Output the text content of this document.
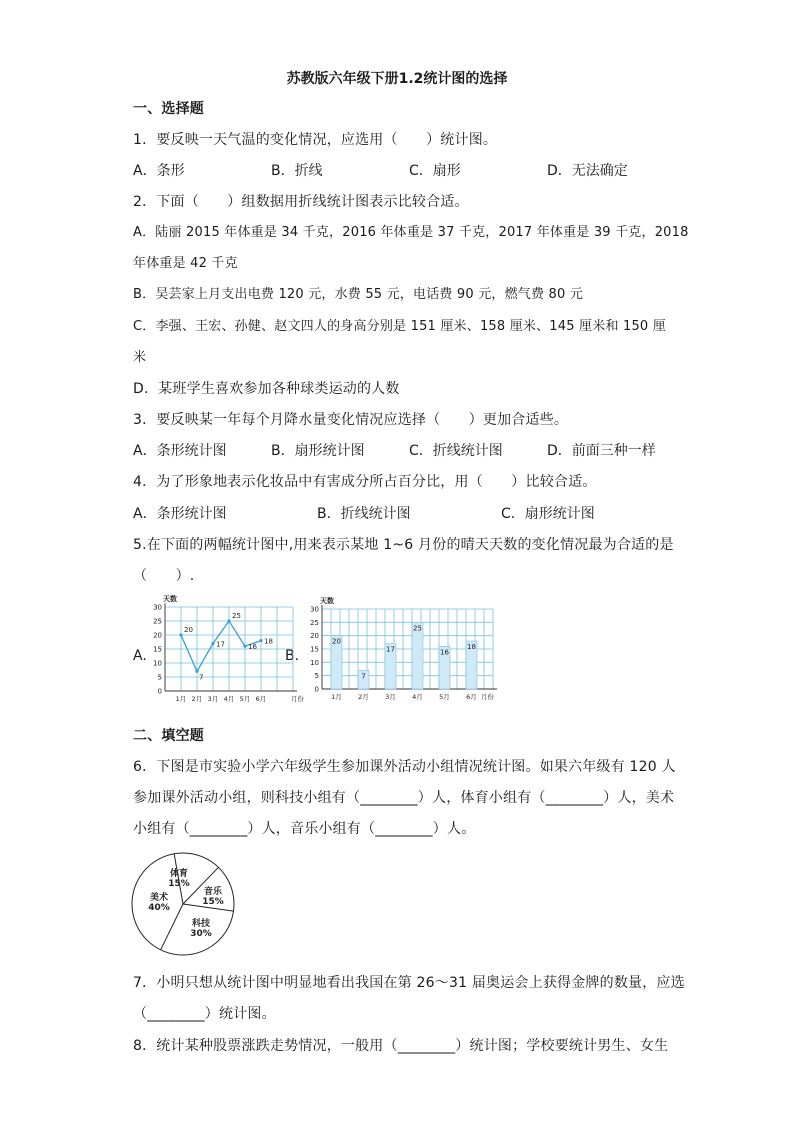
苏教版六年级下册1.2统计图的选择
一、选择题
1．要反映一天气温的变化情况，应选用（　　）统计图。
A．条形	B．折线	C．扇形	D．无法确定
2．下面（　　）组数据用折线统计图表示比较合适。
A．陆丽 2015 年体重是 34 千克，2016 年体重是 37 千克，2017 年体重是 39 千克，2018
年体重是 42 千克
B．吴芸家上月支出电费 120 元，水费 55 元，电话费 90 元，燃气费 80 元
C．李强、王宏、孙健、赵文四人的身高分别是 151 厘米、158 厘米、145 厘米和 150 厘
米
D．某班学生喜欢参加各种球类运动的人数
3．要反映某一年每个月降水量变化情况应选择（　　）更加合适些。
A．条形统计图	B．扇形统计图	C．折线统计图	D．前面三种一样
4．为了形象地表示化妆品中有害成分所占百分比，用（　　）比较合适。
A．条形统计图	B．折线统计图	C．扇形统计图
5.在下面的两幅统计图中,用来表示某地 1~6 月份的晴天天数的变化情况最为合适的是
（　　）.
A.	B.
0
5
10
15
20
25
30
天数
20
7
17
25
16
18
1月 2月 3月 4月 5月 6月	月份
0
5
10
15
20
25
30
天数
20
7
17
25
16
18
1月	2月	3月	4月	5月	6月 月份
二、填空题
6．下图是市实验小学六年级学生参加课外活动小组情况统计图。如果六年级有 120 人
参加课外活动小组，则科技小组有（________）人，体育小组有（________）人，美术
小组有（________）人，音乐小组有（________）人。
体育
15%
音乐
15%
科技
30%
美术
40%
7．小明只想从统计图中明显地看出我国在第 26～31 届奥运会上获得金牌的数量，应选
（________）统计图。
8．统计某种股票涨跌走势情况，一般用（________）统计图；学校要统计男生、女生
